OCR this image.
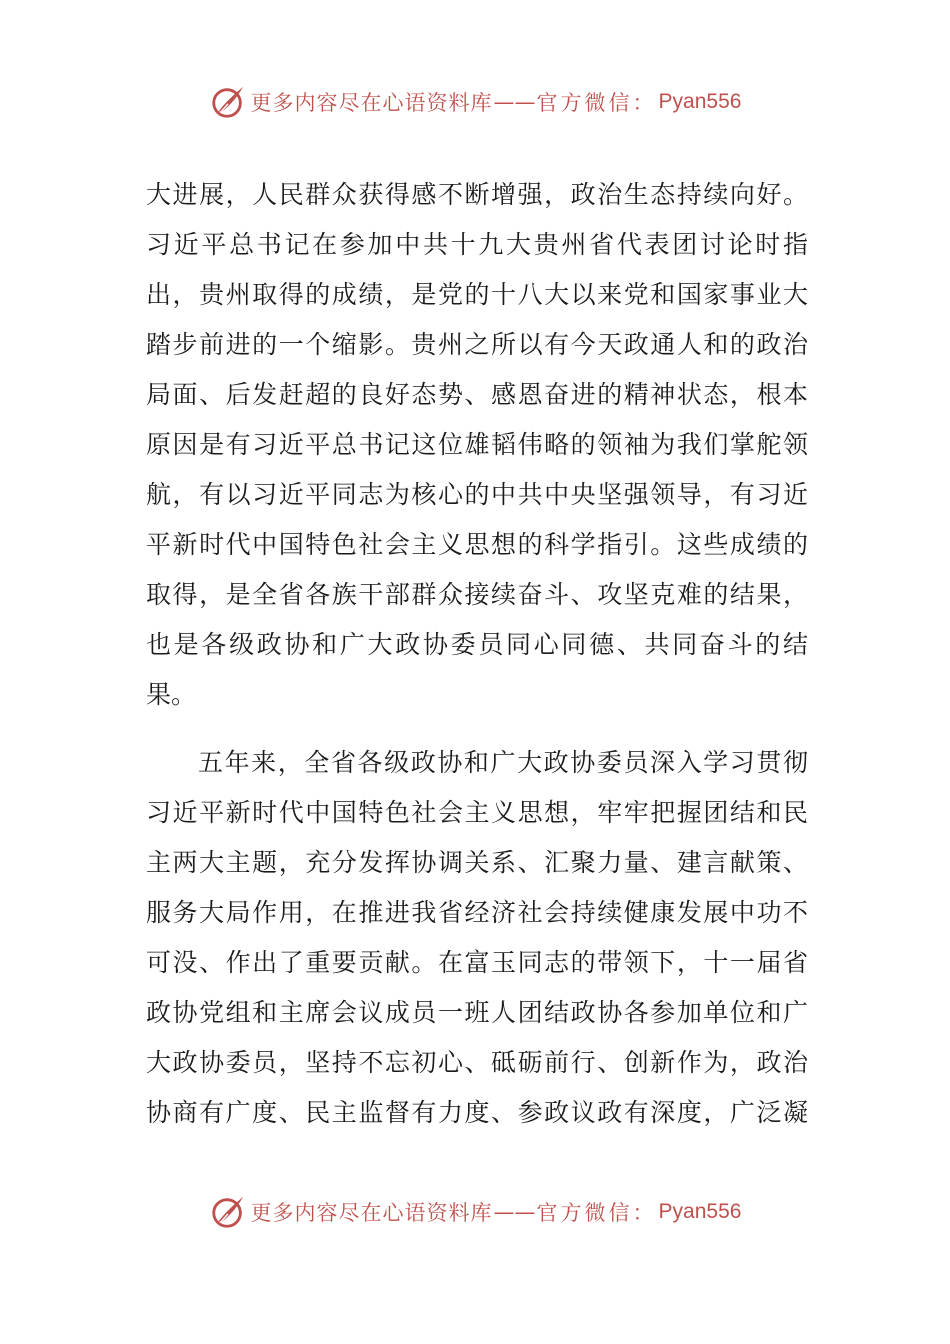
更多内容尽在心语资料库 —— 官方微信： Pyan556
大进展，人民群众获得感不断增强，政治生态持续向好。
习近平总书记在参加中共十九大贵州省代表团讨论时指
出，贵州取得的成绩，是党的十八大以来党和国家事业大
踏步前进的一个缩影。贵州之所以有今天政通人和的政治
局面、后发赶超的良好态势、感恩奋进的精神状态，根本
原因是有习近平总书记这位雄韬伟略的领袖为我们掌舵领
航，有以习近平同志为核心的中共中央坚强领导，有习近
平新时代中国特色社会主义思想的科学指引。这些成绩的
取得，是全省各族干部群众接续奋斗、攻坚克难的结果，
也是各级政协和广大政协委员同心同德、共同奋斗的结
果。
五年来，全省各级政协和广大政协委员深入学习贯彻
习近平新时代中国特色社会主义思想，牢牢把握团结和民
主两大主题，充分发挥协调关系、汇聚力量、建言献策、
服务大局作用，在推进我省经济社会持续健康发展中功不
可没、作出了重要贡献。在富玉同志的带领下，十一届省
政协党组和主席会议成员一班人团结政协各参加单位和广
大政协委员，坚持不忘初心、砥砺前行、创新作为，政治
协商有广度、民主监督有力度、参政议政有深度，广泛凝
更多内容尽在心语资料库 —— 官方微信： Pyan556
